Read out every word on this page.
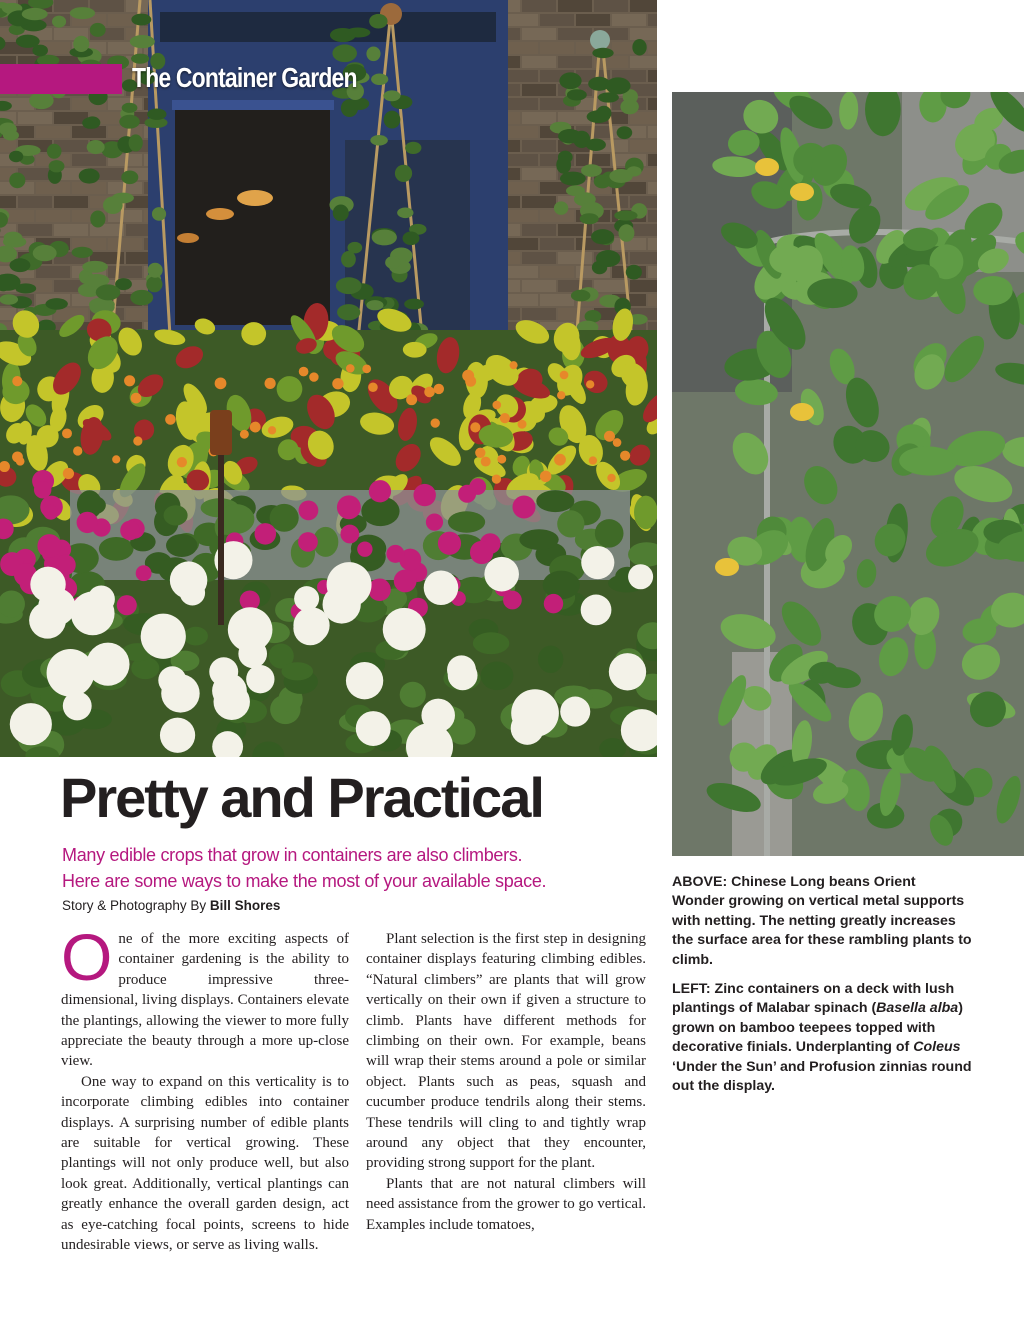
The Container Garden
Pretty and Practical
Many edible crops that grow in containers are also climbers.
Here are some ways to make the most of your available space.
Story & Photography By Bill Shores

One of the more exciting aspects of container gardening is the ability to produce impressive three-dimensional, living displays. Containers elevate the plantings, allowing the viewer to more fully appreciate the beauty through a more up-close view.

One way to expand on this verticality is to incorporate climbing edibles into container displays. A surprising number of edible plants are suitable for vertical growing. These plantings will not only produce well, but also look great. Additionally, vertical plantings can greatly enhance the overall garden design, act as eye-catching focal points, screens to hide undesirable views, or serve as living walls.

Plant selection is the first step in designing container displays featuring climbing edibles. “Natural climbers” are plants that will grow vertically on their own if given a structure to climb. Plants have different methods for climbing on their own. For example, beans will wrap their stems around a pole or similar object. Plants such as peas, squash and cucumber produce tendrils along their stems. These tendrils will cling to and tightly wrap around any object that they encounter, providing strong support for the plant.

Plants that are not natural climbers will need assistance from the grower to go vertical. Examples include tomatoes,

ABOVE: Chinese Long beans Orient Wonder growing on vertical metal supports with netting. The netting greatly increases the surface area for these rambling plants to climb.

LEFT: Zinc containers on a deck with lush plantings of Malabar spinach (Basella alba) grown on bamboo teepees topped with decorative finials. Underplanting of Coleus ‘Under the Sun’ and Profusion zinnias round out the display.
